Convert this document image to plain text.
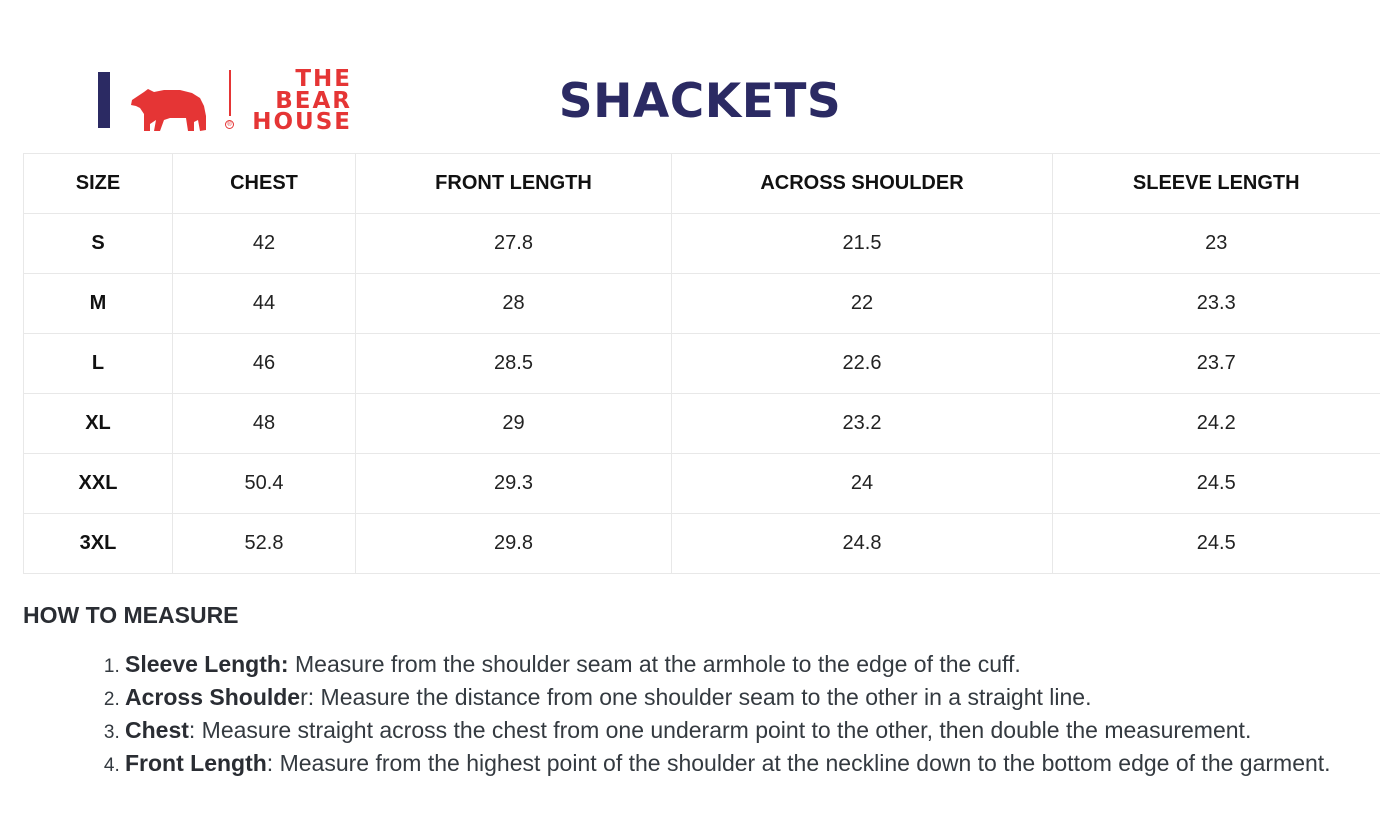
®
THE
BEAR
HOUSE	SHACKETS
SIZE	CHEST	FRONT LENGTH	ACROSS SHOULDER	SLEEVE LENGTH
S	42	27.8	21.5	23
M	44	28	22	23.3
L	46	28.5	22.6	23.7
XL	48	29	23.2	24.2
XXL	50.4	29.3	24	24.5
3XL	52.8	29.8	24.8	24.5
HOW TO MEASURE
1. Sleeve Length: Measure from the shoulder seam at the armhole to the edge of the cuff.
2. Across Shoulder: Measure the distance from one shoulder seam to the other in a straight line.
3. Chest: Measure straight across the chest from one underarm point to the other, then double the measurement.
4. Front Length: Measure from the highest point of the shoulder at the neckline down to the bottom edge of the garment.
